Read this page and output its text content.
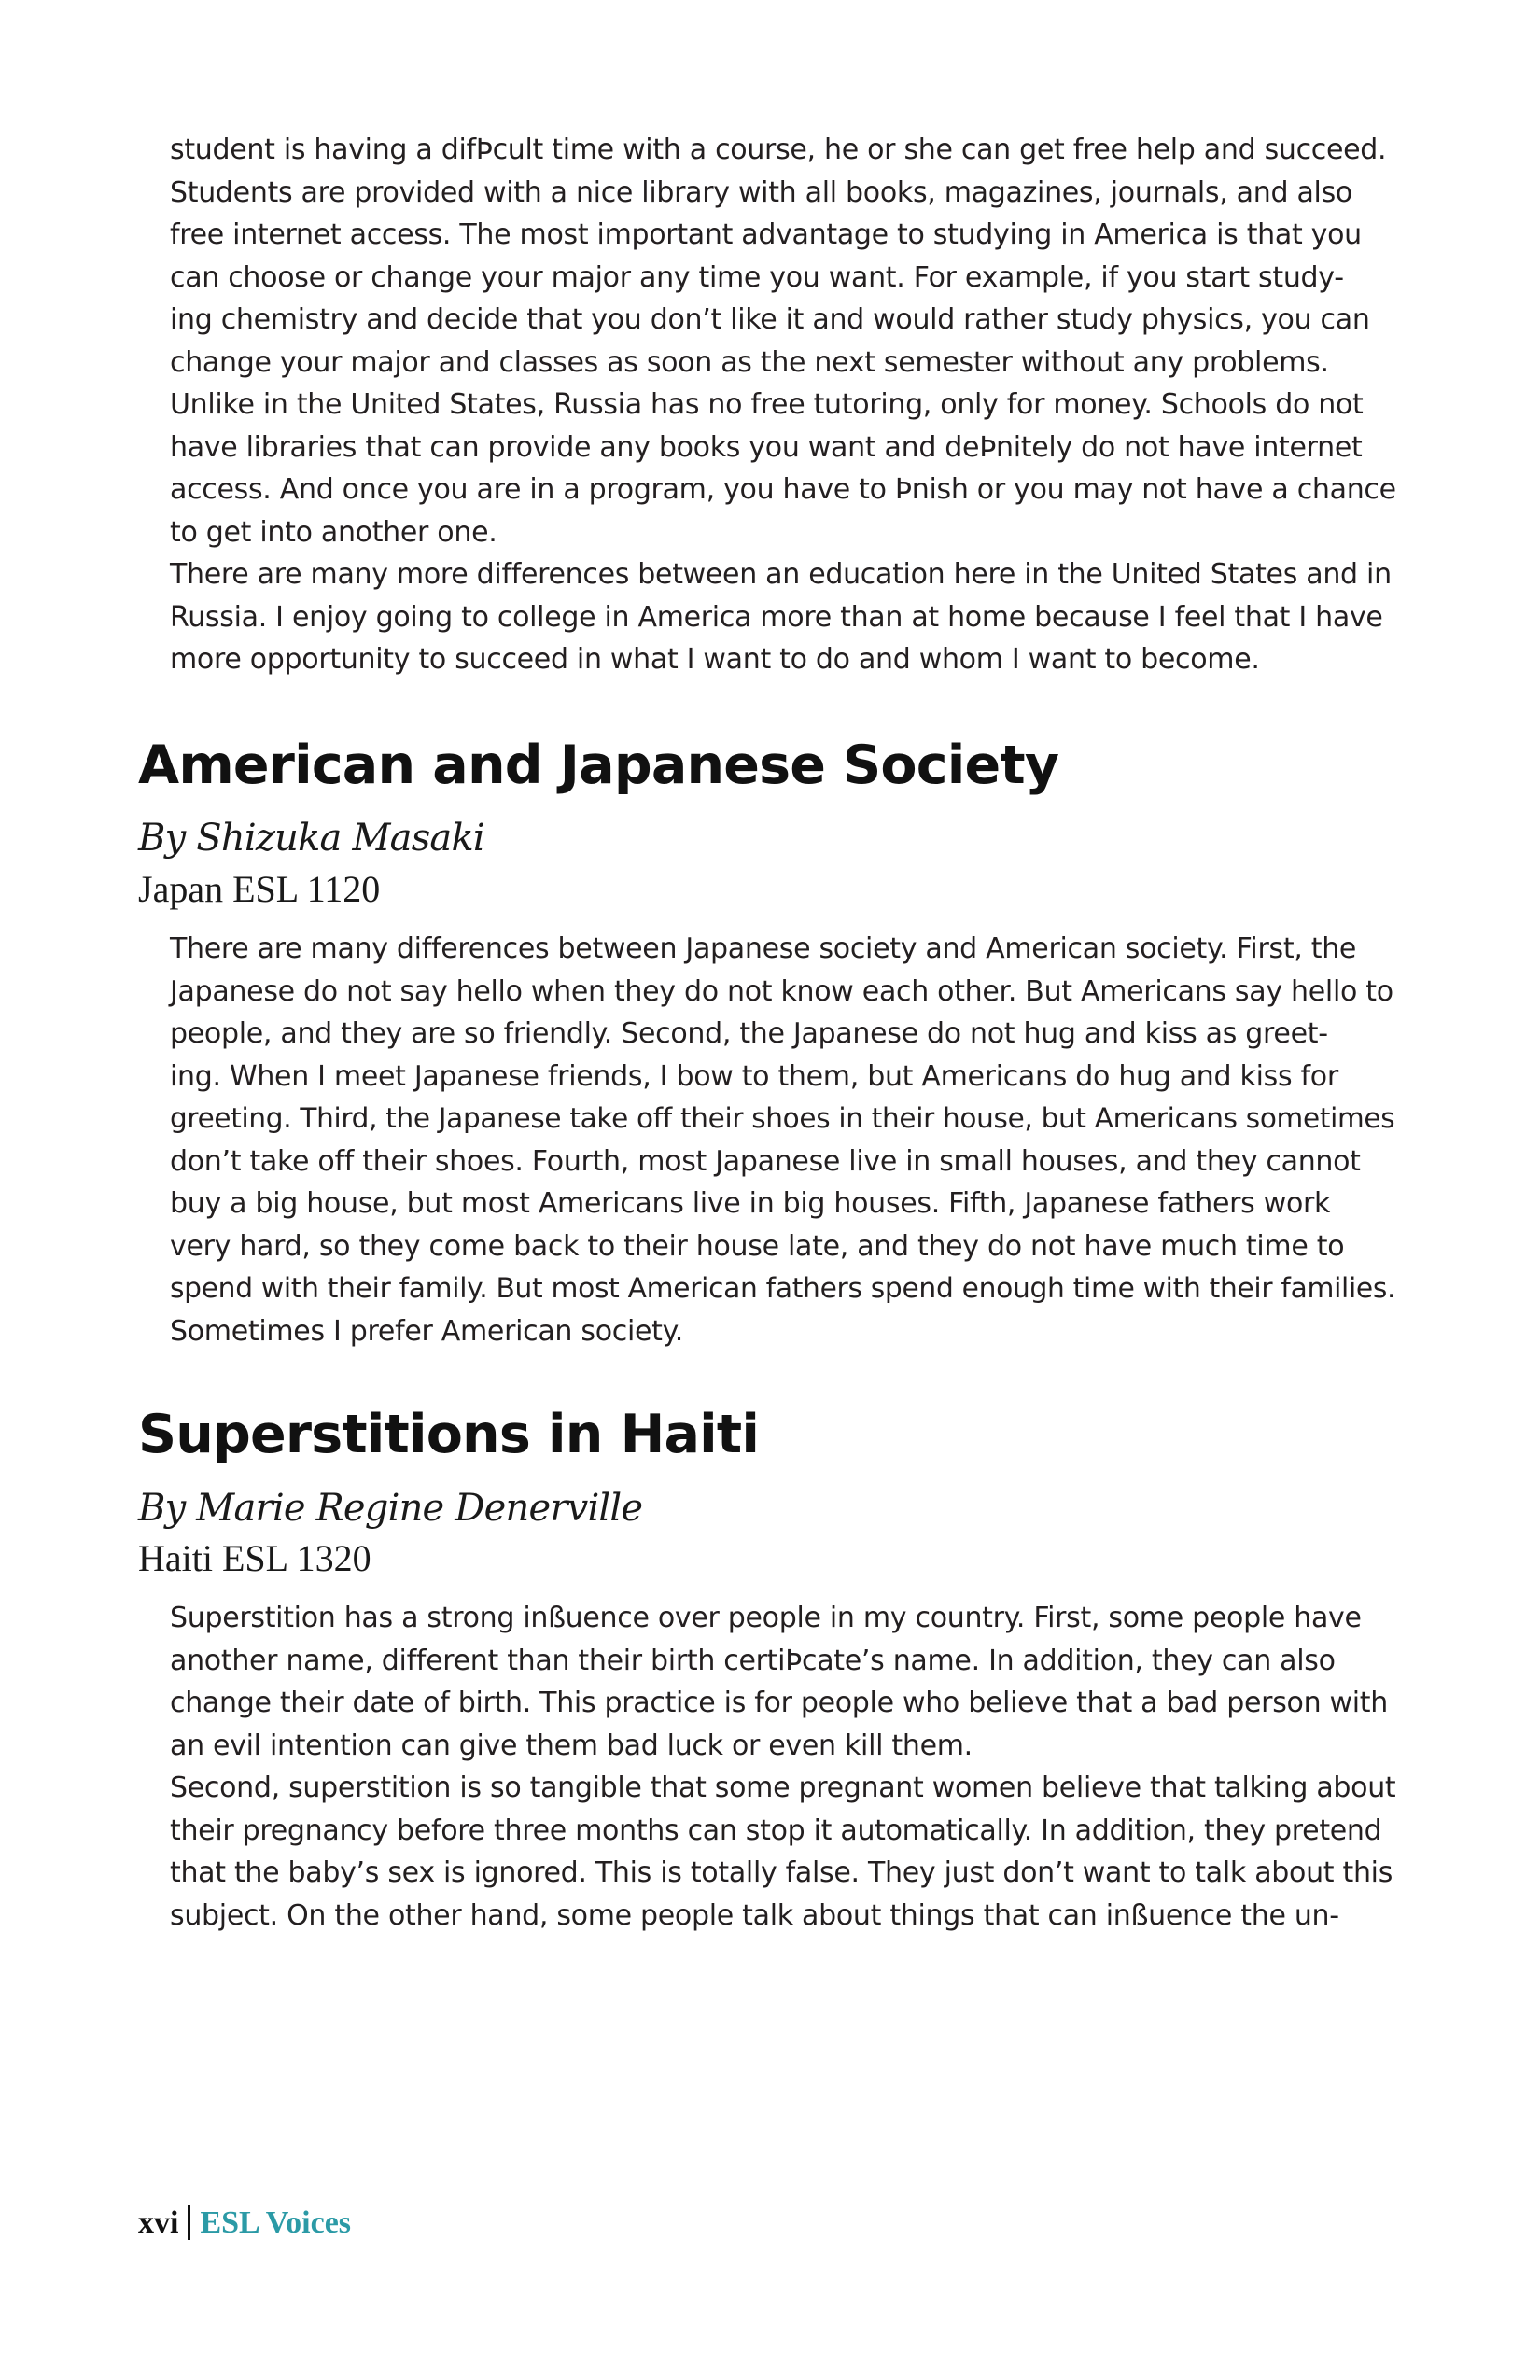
student is having a difÞcult time with a course, he or she can get free help and succeed.
Students are provided with a nice library with all books, magazines, journals, and also
free internet access. The most important advantage to studying in America is that you
can choose or change your major any time you want. For example, if you start study-
ing chemistry and decide that you don’t like it and would rather study physics, you can
change your major and classes as soon as the next semester without any problems.
Unlike in the United States, Russia has no free tutoring, only for money. Schools do not
have libraries that can provide any books you want and deÞnitely do not have internet
access. And once you are in a program, you have to Þnish or you may not have a chance
to get into another one.
There are many more differences between an education here in the United States and in
Russia. I enjoy going to college in America more than at home because I feel that I have
more opportunity to succeed in what I want to do and whom I want to become.
American and Japanese Society
By Shizuka Masaki
Japan ESL 1120
There are many differences between Japanese society and American society. First, the
Japanese do not say hello when they do not know each other. But Americans say hello to
people, and they are so friendly. Second, the Japanese do not hug and kiss as greet-
ing. When I meet Japanese friends, I bow to them, but Americans do hug and kiss for
greeting. Third, the Japanese take off their shoes in their house, but Americans sometimes
don’t take off their shoes. Fourth, most Japanese live in small houses, and they cannot
buy a big house, but most Americans live in big houses. Fifth, Japanese fathers work
very hard, so they come back to their house late, and they do not have much time to
spend with their family. But most American fathers spend enough time with their families.
Sometimes I prefer American society.
Superstitions in Haiti
By Marie Regine Denerville
Haiti ESL 1320
Superstition has a strong inßuence over people in my country. First, some people have
another name, different than their birth certiÞcate’s name. In addition, they can also
change their date of birth. This practice is for people who believe that a bad person with
an evil intention can give them bad luck or even kill them.
Second, superstition is so tangible that some pregnant women believe that talking about
their pregnancy before three months can stop it automatically. In addition, they pretend
that the baby’s sex is ignored. This is totally false. They just don’t want to talk about this
subject. On the other hand, some people talk about things that can inßuence the un-
xvi ESL Voices
